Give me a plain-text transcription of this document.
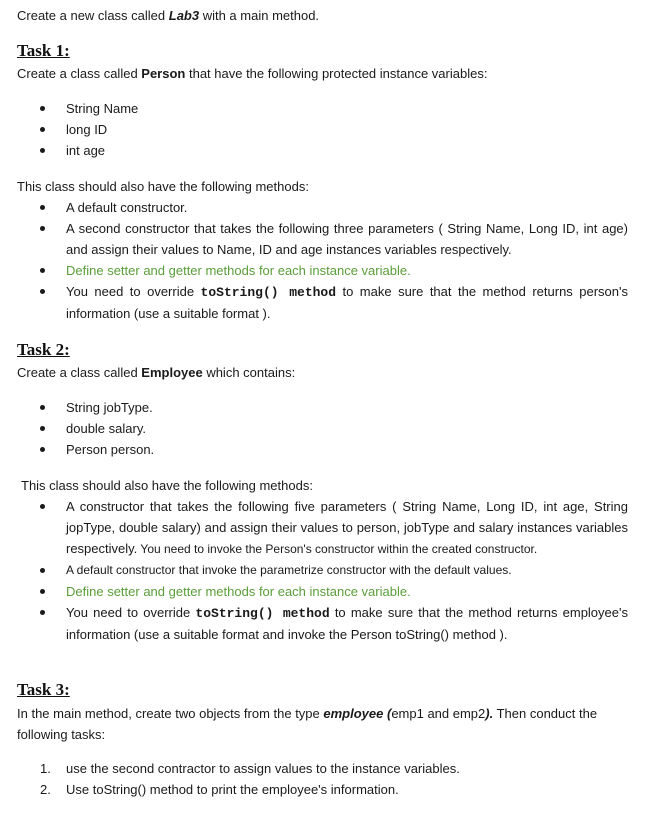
Create a new class called Lab3 with a main method.
Task 1:
Create a class called Person that have the following protected instance variables:
String Name
long ID
int age
This class should also have the following methods:
A default constructor.
A second constructor that takes the following three parameters ( String Name, Long ID, int age) and assign their values to Name, ID and age instances variables respectively.
Define setter and getter methods for each instance variable.
You need to override toString() method to make sure that the method returns person's information (use a suitable format ).
Task 2:
Create a class called Employee which contains:
String jobType.
double salary.
Person person.
This class should also have the following methods:
A constructor that takes the following five parameters ( String Name, Long ID, int age, String jopType, double salary) and assign their values to person, jobType and salary instances variables respectively. You need to invoke the Person's constructor within the created constructor.
A default constructor that invoke the parametrize constructor with the default values.
Define setter and getter methods for each instance variable.
You need to override toString() method to make sure that the method returns employee's information (use a suitable format and invoke the Person toString() method ).
Task 3:
In the main method, create two objects from the type employee (emp1 and emp2). Then conduct the following tasks:
1. use the second contractor to assign values to the instance variables.
2. Use toString() method to print the employee's information.
